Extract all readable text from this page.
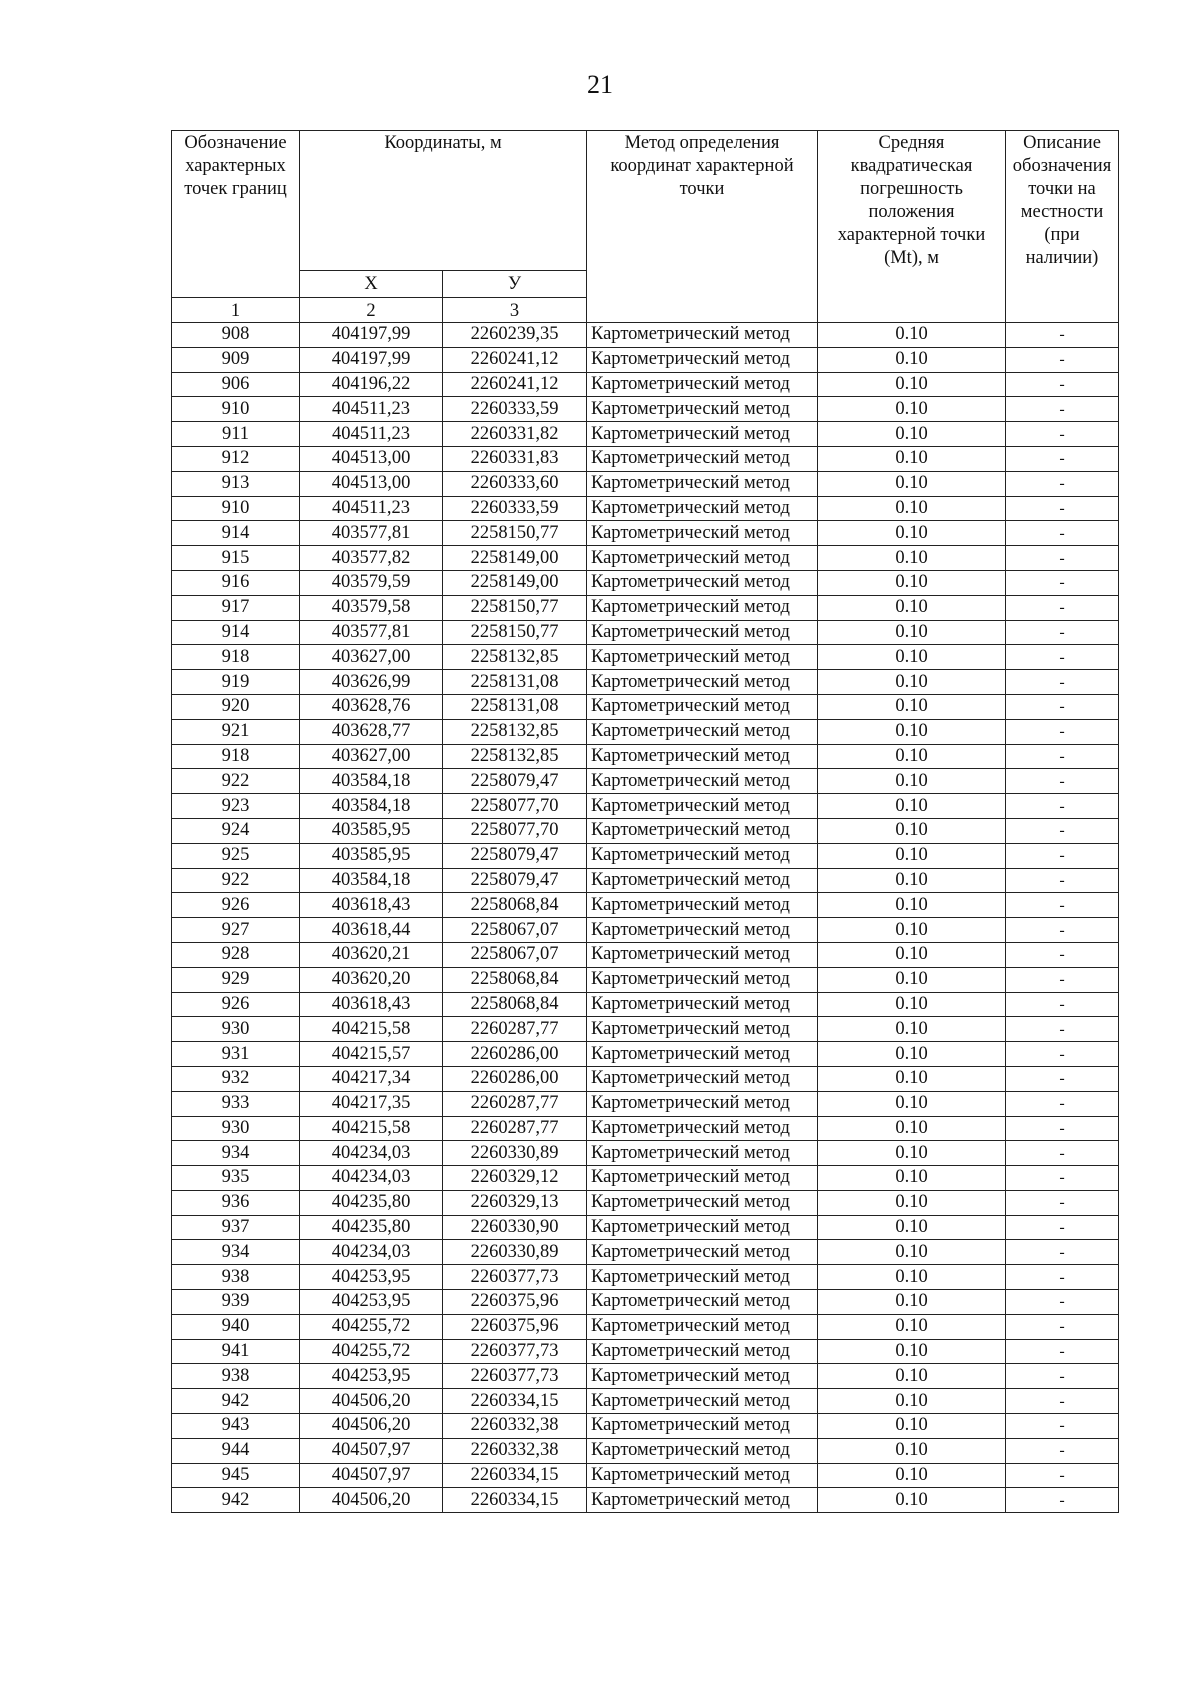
21
Обозначение характерных точек границ	Координаты, м		Метод определения координат характерной точки	Средняя квадратическая погрешность положения характерной точки (Mt), м	Описание обозначения точки на местности (при наличии)	
	X	У				
1	2	3			
908	404197,99	2260239,35	Картометрический метод	0.10	-	
909	404197,99	2260241,12	Картометрический метод	0.10	-	
906	404196,22	2260241,12	Картометрический метод	0.10	-	
910	404511,23	2260333,59	Картометрический метод	0.10	-	
911	404511,23	2260331,82	Картометрический метод	0.10	-	
912	404513,00	2260331,83	Картометрический метод	0.10	-	
913	404513,00	2260333,60	Картометрический метод	0.10	-	
910	404511,23	2260333,59	Картометрический метод	0.10	-	
914	403577,81	2258150,77	Картометрический метод	0.10	-	
915	403577,82	2258149,00	Картометрический метод	0.10	-	
916	403579,59	2258149,00	Картометрический метод	0.10	-	
917	403579,58	2258150,77	Картометрический метод	0.10	-	
914	403577,81	2258150,77	Картометрический метод	0.10	-	
918	403627,00	2258132,85	Картометрический метод	0.10	-	
919	403626,99	2258131,08	Картометрический метод	0.10	-	
920	403628,76	2258131,08	Картометрический метод	0.10	-	
921	403628,77	2258132,85	Картометрический метод	0.10	-	
918	403627,00	2258132,85	Картометрический метод	0.10	-	
922	403584,18	2258079,47	Картометрический метод	0.10	-	
923	403584,18	2258077,70	Картометрический метод	0.10	-	
924	403585,95	2258077,70	Картометрический метод	0.10	-	
925	403585,95	2258079,47	Картометрический метод	0.10	-	
922	403584,18	2258079,47	Картометрический метод	0.10	-	
926	403618,43	2258068,84	Картометрический метод	0.10	-	
927	403618,44	2258067,07	Картометрический метод	0.10	-	
928	403620,21	2258067,07	Картометрический метод	0.10	-	
929	403620,20	2258068,84	Картометрический метод	0.10	-	
926	403618,43	2258068,84	Картометрический метод	0.10	-	
930	404215,58	2260287,77	Картометрический метод	0.10	-	
931	404215,57	2260286,00	Картометрический метод	0.10	-	
932	404217,34	2260286,00	Картометрический метод	0.10	-	
933	404217,35	2260287,77	Картометрический метод	0.10	-	
930	404215,58	2260287,77	Картометрический метод	0.10	-	
934	404234,03	2260330,89	Картометрический метод	0.10	-	
935	404234,03	2260329,12	Картометрический метод	0.10	-	
936	404235,80	2260329,13	Картометрический метод	0.10	-	
937	404235,80	2260330,90	Картометрический метод	0.10	-	
934	404234,03	2260330,89	Картометрический метод	0.10	-	
938	404253,95	2260377,73	Картометрический метод	0.10	-	
939	404253,95	2260375,96	Картометрический метод	0.10	-	
940	404255,72	2260375,96	Картометрический метод	0.10	-	
941	404255,72	2260377,73	Картометрический метод	0.10	-	
938	404253,95	2260377,73	Картометрический метод	0.10	-	
942	404506,20	2260334,15	Картометрический метод	0.10	-	
943	404506,20	2260332,38	Картометрический метод	0.10	-	
944	404507,97	2260332,38	Картометрический метод	0.10	-	
945	404507,97	2260334,15	Картометрический метод	0.10	-	
942	404506,20	2260334,15	Картометрический метод	0.10	-	
